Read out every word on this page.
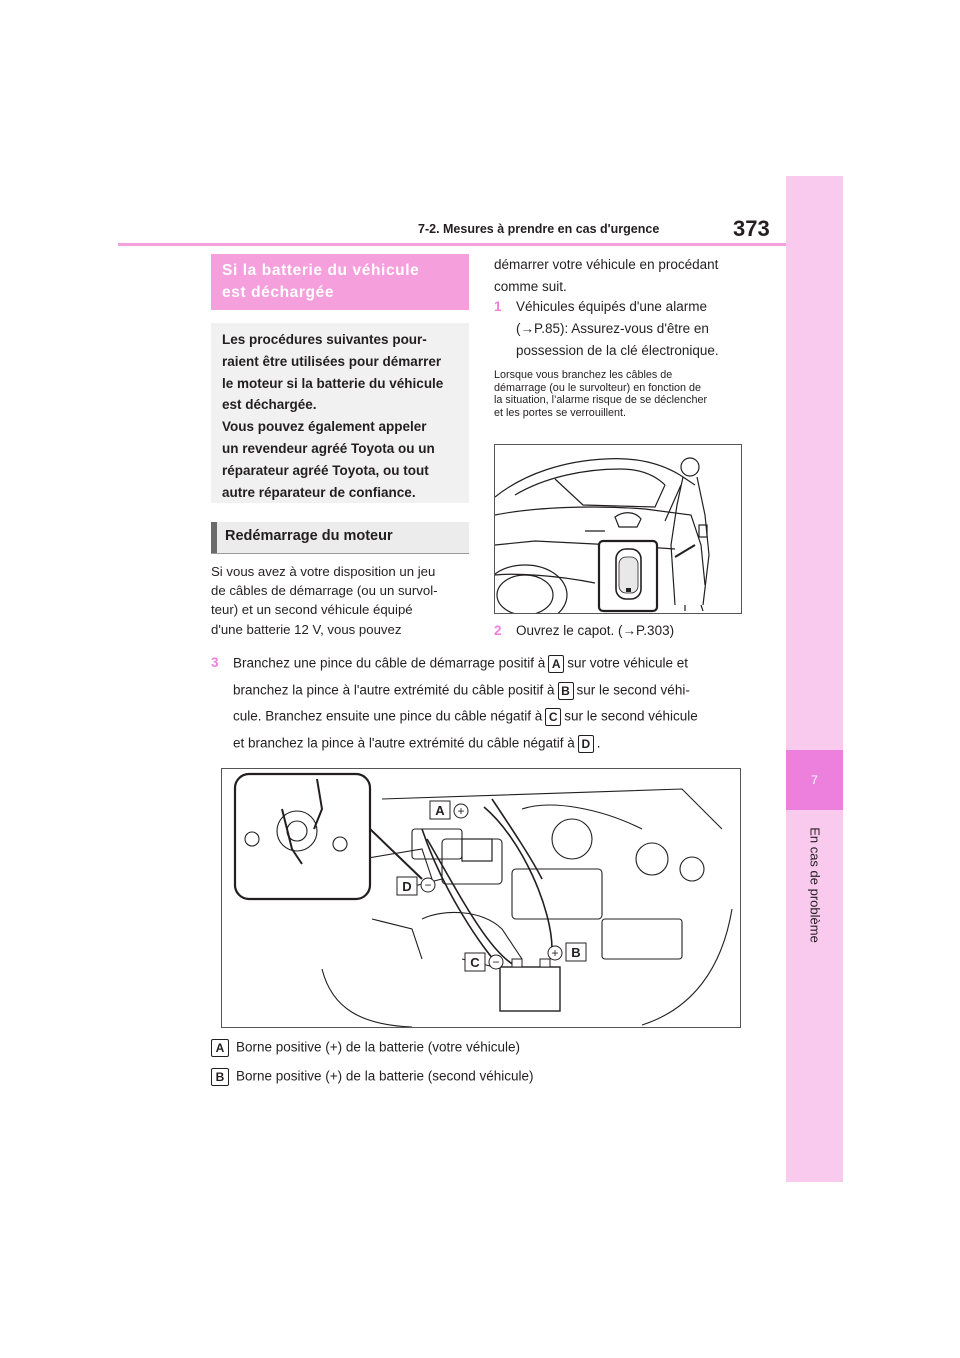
373
7-2. Mesures à prendre en cas d'urgence
7
En cas de problème
Si la batterie du véhicule
est déchargée
Les procédures suivantes pour-
raient être utilisées pour démarrer
le moteur si la batterie du véhicule
est déchargée.
Vous pouvez également appeler
un revendeur agréé Toyota ou un
réparateur agréé Toyota, ou tout
autre réparateur de confiance.
Redémarrage du moteur
Si vous avez à votre disposition un jeu
de câbles de démarrage (ou un survol-
teur) et un second véhicule équipé
d'une batterie 12 V, vous pouvez
démarrer votre véhicule en procédant
comme suit.
1 Véhicules équipés d'une alarme
(→P.85): Assurez-vous d'être en
possession de la clé électronique.
Lorsque vous branchez les câbles de
démarrage (ou le survolteur) en fonction de
la situation, l’alarme risque de se déclencher
et les portes se verrouillent.
2 Ouvrez le capot. (→P.303)
3 Branchez une pince du câble de démarrage positif à A sur votre véhicule et
branchez la pince à l'autre extrémité du câble positif à B sur le second véhi-
cule. Branchez ensuite une pince du câble négatif à C sur le second véhicule
et branchez la pince à l'autre extrémité du câble négatif à D .
A +
D −
+ B
C −
A Borne positive (+) de la batterie (votre véhicule)
B Borne positive (+) de la batterie (second véhicule)
